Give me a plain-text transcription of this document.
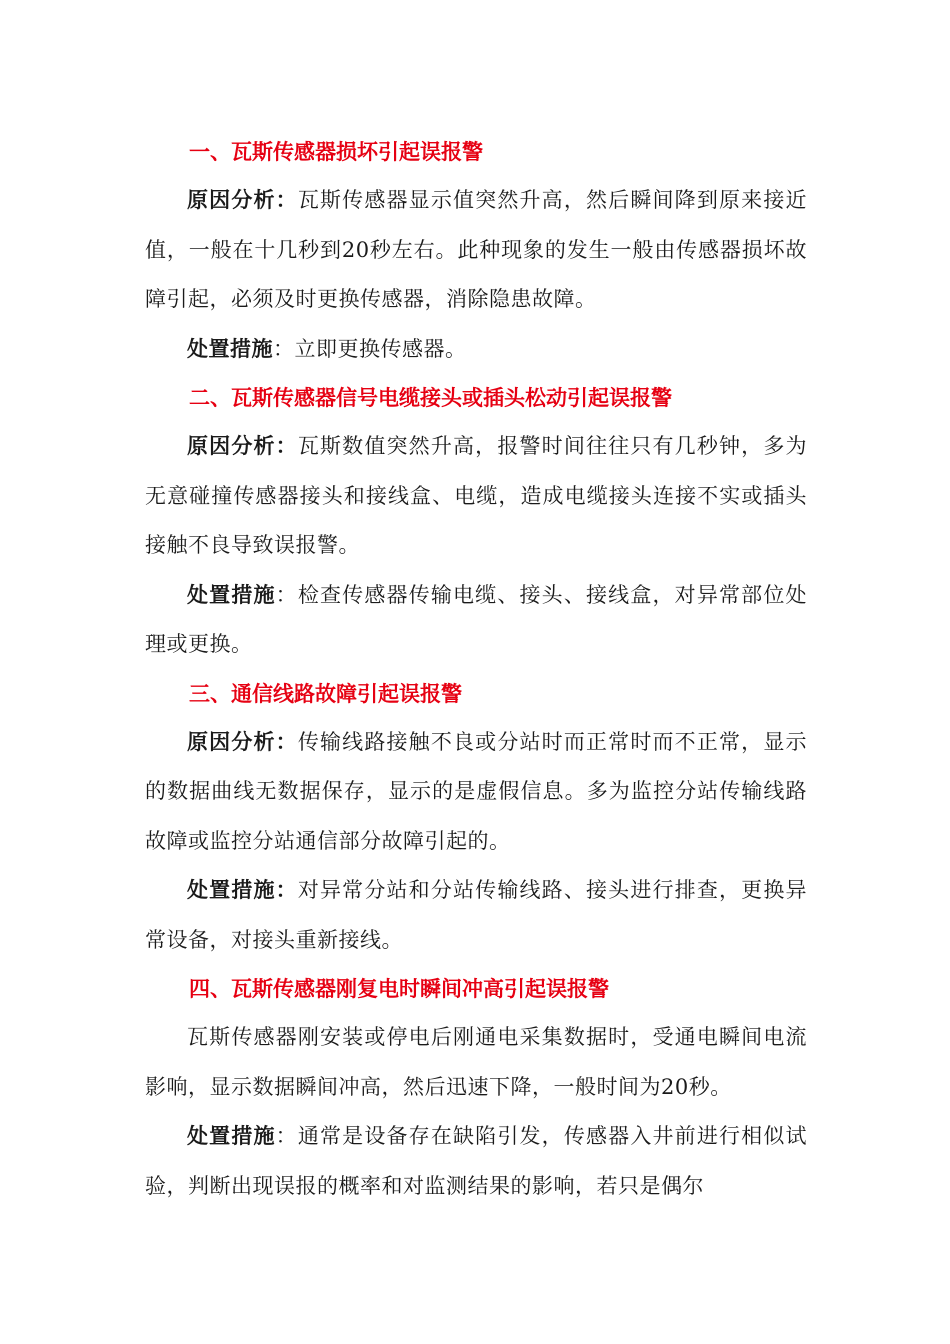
一、瓦斯传感器损坏引起误报警

原因分析：瓦斯传感器显示值突然升高，然后瞬间降到原来接近值，一般在十几秒到20秒左右。此种现象的发生一般由传感器损坏故障引起，必须及时更换传感器，消除隐患故障。

处置措施：立即更换传感器。

二、瓦斯传感器信号电缆接头或插头松动引起误报警

原因分析：瓦斯数值突然升高，报警时间往往只有几秒钟，多为无意碰撞传感器接头和接线盒、电缆，造成电缆接头连接不实或插头接触不良导致误报警。

处置措施：检查传感器传输电缆、接头、接线盒，对异常部位处理或更换。

三、通信线路故障引起误报警

原因分析：传输线路接触不良或分站时而正常时而不正常，显示的数据曲线无数据保存，显示的是虚假信息。多为监控分站传输线路故障或监控分站通信部分故障引起的。

处置措施：对异常分站和分站传输线路、接头进行排查，更换异常设备，对接头重新接线。

四、瓦斯传感器刚复电时瞬间冲高引起误报警

瓦斯传感器刚安装或停电后刚通电采集数据时，受通电瞬间电流影响，显示数据瞬间冲高，然后迅速下降，一般时间为20秒。

处置措施：通常是设备存在缺陷引发，传感器入井前进行相似试验，判断出现误报的概率和对监测结果的影响，若只是偶尔
